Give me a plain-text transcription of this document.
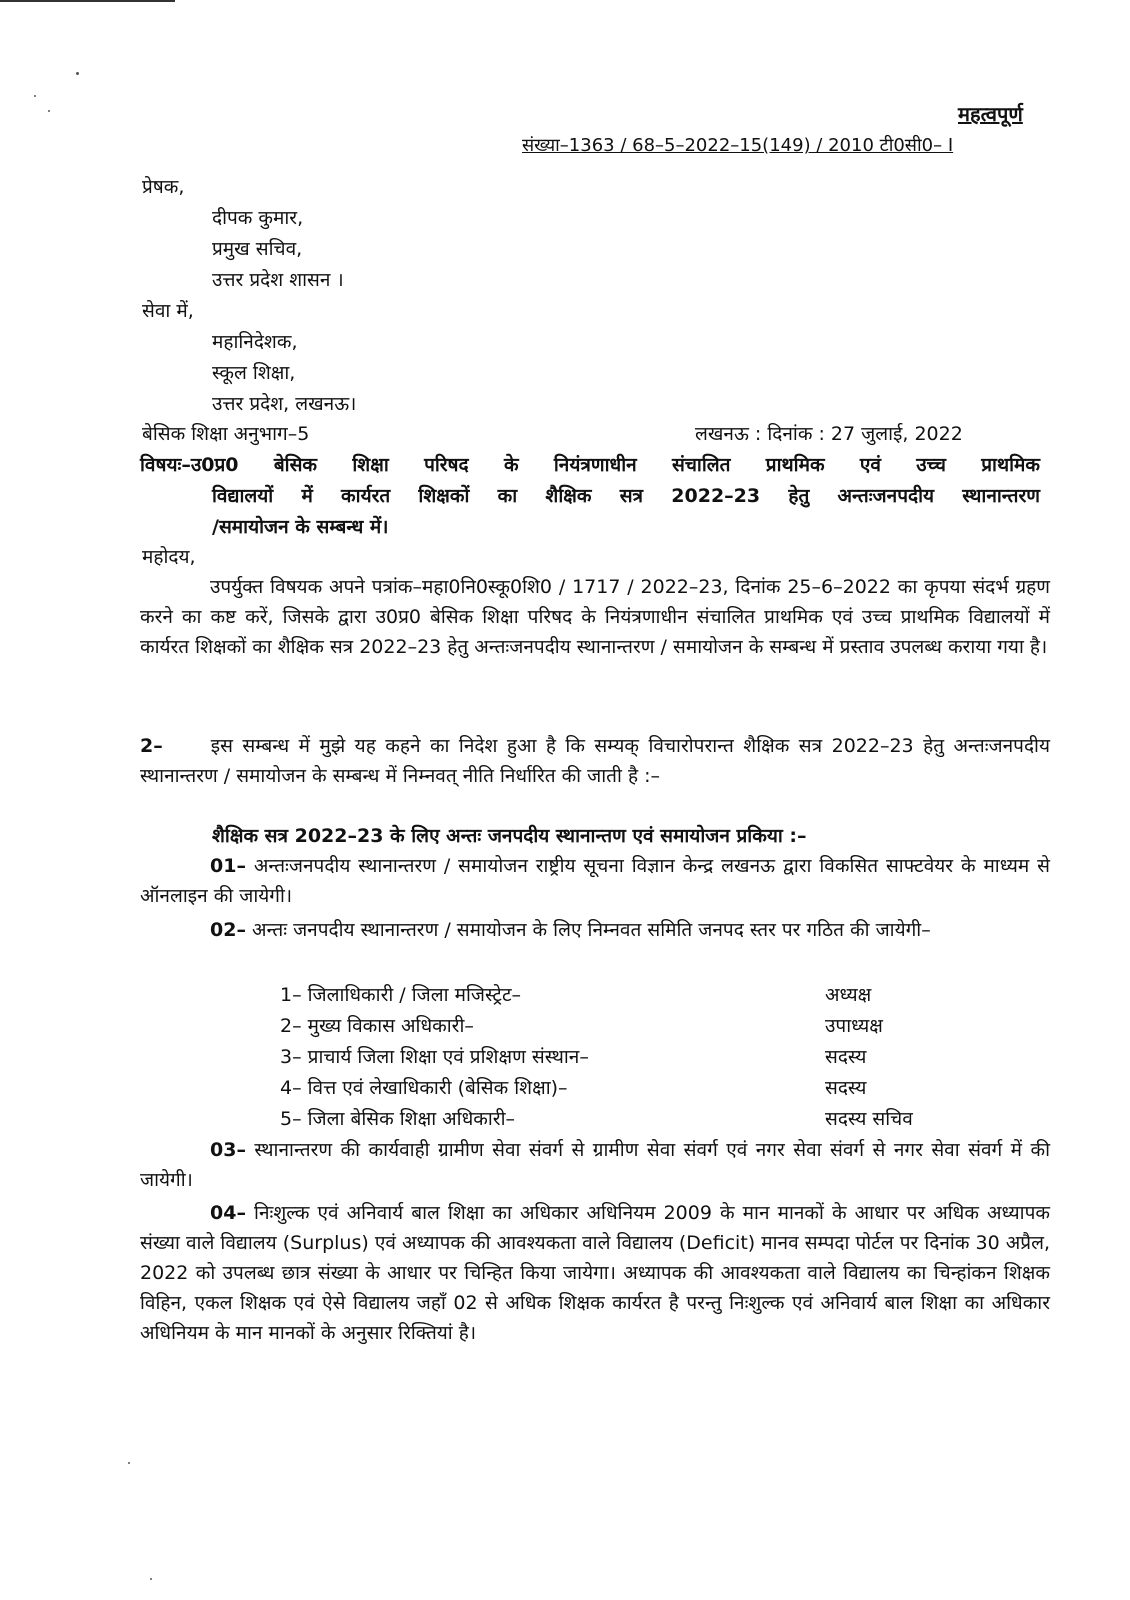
महत्वपूर्ण
संख्या–1363 / 68–5–2022–15(149) / 2010 टी0सी0– I
प्रेषक,
दीपक कुमार,
प्रमुख सचिव,
उत्तर प्रदेश शासन ।
सेवा में,
महानिदेशक,
स्कूल शिक्षा,
उत्तर प्रदेश, लखनऊ।
बेसिक शिक्षा अनुभाग–5	लखनऊ : दिनांक : 27 जुलाई, 2022
विषयः–उ0प्र0 बेसिक शिक्षा परिषद के नियंत्रणाधीन संचालित प्राथमिक एवं उच्च प्राथमिक
विद्यालयों में कार्यरत शिक्षकों का शैक्षिक सत्र 2022–23 हेतु अन्तःजनपदीय स्थानान्तरण
/समायोजन के सम्बन्ध में।
महोदय,
उपर्युक्त विषयक अपने पत्रांक–महा0नि0स्कू0शि0 / 1717 / 2022–23, दिनांक 25–6–2022 का कृपया संदर्भ ग्रहण करने का कष्ट करें, जिसके द्वारा उ0प्र0 बेसिक शिक्षा परिषद के नियंत्रणाधीन संचालित प्राथमिक एवं उच्च प्राथमिक विद्यालयों में कार्यरत शिक्षकों का शैक्षिक सत्र 2022–23 हेतु अन्तःजनपदीय स्थानान्तरण / समायोजन के सम्बन्ध में प्रस्ताव उपलब्ध कराया गया है।
2–	इस सम्बन्ध में मुझे यह कहने का निदेश हुआ है कि सम्यक् विचारोपरान्त शैक्षिक सत्र 2022–23 हेतु अन्तःजनपदीय स्थानान्तरण / समायोजन के सम्बन्ध में निम्नवत् नीति निर्धारित की जाती है :–
शैक्षिक सत्र 2022–23 के लिए अन्तः जनपदीय स्थानान्तण एवं समायोजन प्रकिया :–
01– अन्तःजनपदीय स्थानान्तरण / समायोजन राष्ट्रीय सूचना विज्ञान केन्द्र लखनऊ द्वारा विकसित साफ्टवेयर के माध्यम से ऑनलाइन की जायेगी।
02– अन्तः जनपदीय स्थानान्तरण / समायोजन के लिए निम्नवत समिति जनपद स्तर पर गठित की जायेगी–
1– जिलाधिकारी / जिला मजिस्ट्रेट–	अध्यक्ष
2– मुख्य विकास अधिकारी–	उपाध्यक्ष
3– प्राचार्य जिला शिक्षा एवं प्रशिक्षण संस्थान–	सदस्य
4– वित्त एवं लेखाधिकारी (बेसिक शिक्षा)–	सदस्य
5– जिला बेसिक शिक्षा अधिकारी–	सदस्य सचिव
03– स्थानान्तरण की कार्यवाही ग्रामीण सेवा संवर्ग से ग्रामीण सेवा संवर्ग एवं नगर सेवा संवर्ग से नगर सेवा संवर्ग में की जायेगी।
04– निःशुल्क एवं अनिवार्य बाल शिक्षा का अधिकार अधिनियम 2009 के मान मानकों के आधार पर अधिक अध्यापक संख्या वाले विद्यालय (Surplus) एवं अध्यापक की आवश्यकता वाले विद्यालय (Deficit) मानव सम्पदा पोर्टल पर दिनांक 30 अप्रैल, 2022 को उपलब्ध छात्र संख्या के आधार पर चिन्हित किया जायेगा। अध्यापक की आवश्यकता वाले विद्यालय का चिन्हांकन शिक्षक विहिन, एकल शिक्षक एवं ऐसे विद्यालय जहाँ 02 से अधिक शिक्षक कार्यरत है परन्तु निःशुल्क एवं अनिवार्य बाल शिक्षा का अधिकार अधिनियम के मान मानकों के अनुसार रिक्तियां है।
